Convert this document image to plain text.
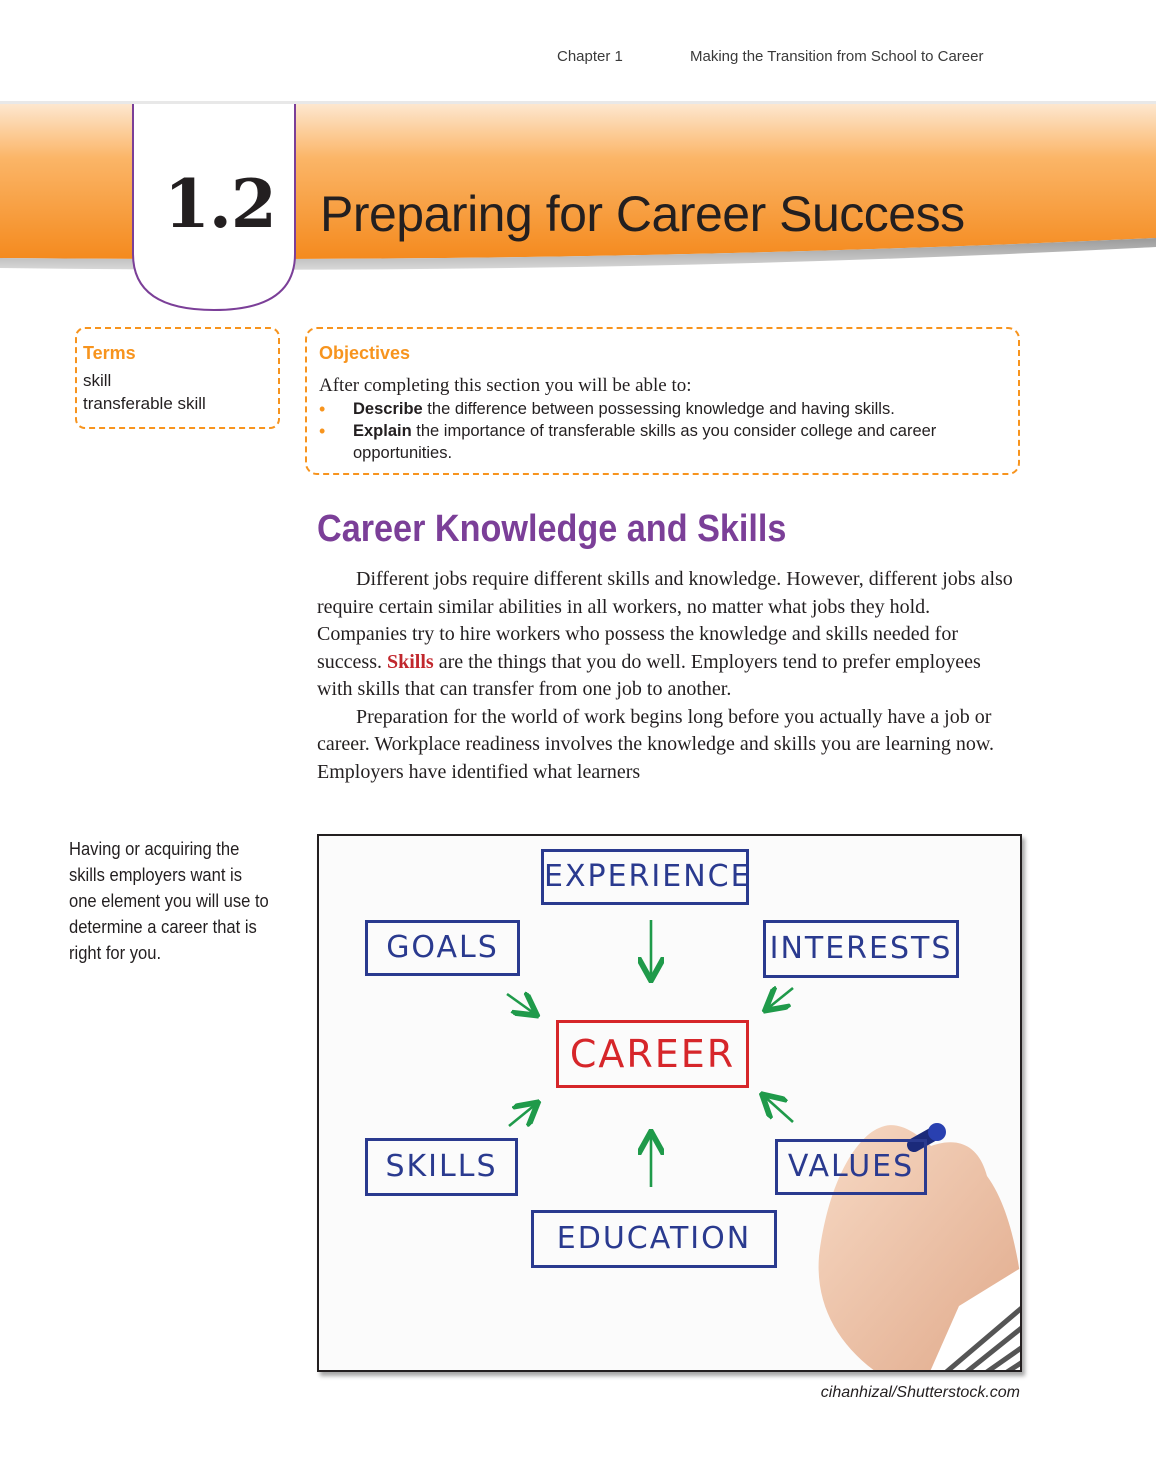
Chapter 1	Making the Transition from School to Career
1.2 Preparing for Career Success
Terms
skill
transferable skill
Objectives
After completing this section you will be able to:
• Describe the difference between possessing knowledge and having skills.
• Explain the importance of transferable skills as you consider college and career opportunities.
Career Knowledge and Skills

Different jobs require different skills and knowledge. However, different jobs also require certain similar abilities in all workers, no matter what jobs they hold. Companies try to hire workers who possess the knowledge and skills needed for success. Skills are the things that you do well. Employers tend to prefer employees with skills that can transfer from one job to another.

Preparation for the world of work begins long before you actually have a job or career. Workplace readiness involves the knowledge and skills you are learning now. Employers have identified what learners

Having or acquiring the skills employers want is one element you will use to determine a career that is right for you.
EXPERIENCE
GOALS	INTERESTS
CAREER
SKILLS	VALUES
EDUCATION
cihanhizal/Shutterstock.com
